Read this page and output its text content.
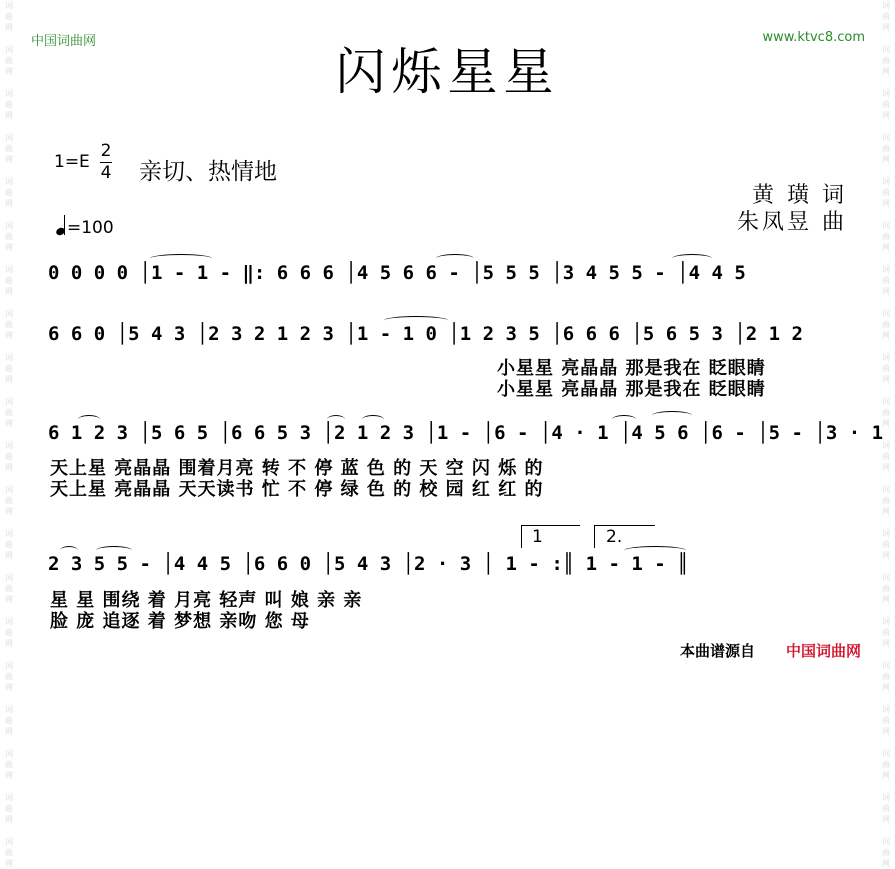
词
曲
网

词
曲
网

词
曲
网

词
曲
网

词
曲
网

词
曲
网

词
曲
网

词
曲
网

词
曲
网

词
曲
网

词
曲
网

词
曲
网

词
曲
网

词
曲
网

词
曲
网

词
曲
网

词
曲
网

词
曲
网

词
曲
网

词
曲
网

词
曲
网

词
曲
网

词
曲
网

词
曲
网

词
曲
网

词
曲
网

词
曲
网

词
曲
网

词
曲
网

词
曲
网

词
曲
网

词
曲
网

词
曲
网

词
曲
网

词
曲
网

词
曲
网

词
曲
网

词
曲
网

词
曲
网

词
曲
网

中国词曲网	www.ktvc8.com
闪烁星星
1=E
2
4 亲切、热情地
黄 璜 词
朱凤昱 曲
=100
0 0 0 0 │1 - 1 - ‖: 6 6 6 │4 5 6 6 - │5 5 5 │3 4 5 5 - │4 4 5
6 6 0 │5 4 3 │2 3 2 1 2 3 │1 - 1 0 │1 2 3 5 │6 6 6 │5 6 5 3 │2 1 2
小星星 亮晶晶 那是我在 眨眼睛
小星星 亮晶晶 那是我在 眨眼睛
6 1 2 3 │5 6 5 │6 6 5 3 │2 1 2 3 │1 - │6 - │4 · 1 │4 5 6 │6 - │5 - │3 · 1
天上星 亮晶晶 围着月亮 转 不 停 蓝 色 的 天 空 闪 烁 的
天上星 亮晶晶 天天读书 忙 不 停 绿 色 的 校 园 红 红 的
1	2.
2 3 5 5 - │4 4 5 │6 6 0 │5 4 3 │2 · 3 │ 1 - :║ 1 - 1 - ║
星 星 围绕 着 月亮 轻声 叫 娘 亲 亲
脸 庞 追逐 着 梦想 亲吻 您 母
本曲谱源自 中国词曲网
